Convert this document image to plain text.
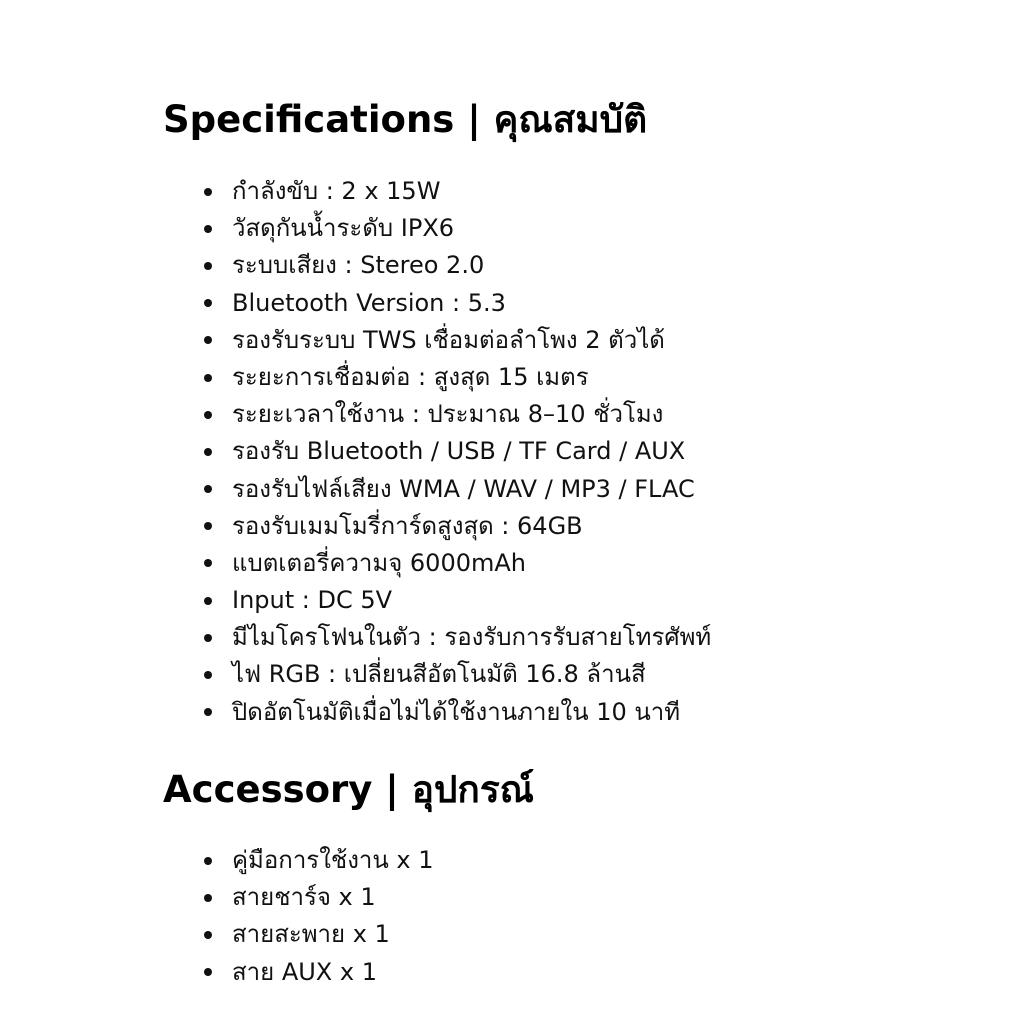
Specifications | คุณสมบัติ
กำลังขับ : 2 x 15W
วัสดุกันน้ำระดับ IPX6
ระบบเสียง : Stereo 2.0
Bluetooth Version : 5.3
รองรับระบบ TWS เชื่อมต่อลำโพง 2 ตัวได้
ระยะการเชื่อมต่อ : สูงสุด 15 เมตร
ระยะเวลาใช้งาน : ประมาณ 8–10 ชั่วโมง
รองรับ Bluetooth / USB / TF Card / AUX
รองรับไฟล์เสียง WMA / WAV / MP3 / FLAC
รองรับเมมโมรี่การ์ดสูงสุด : 64GB
แบตเตอรี่ความจุ 6000mAh
Input : DC 5V
มีไมโครโฟนในตัว : รองรับการรับสายโทรศัพท์
ไฟ RGB : เปลี่ยนสีอัตโนมัติ 16.8 ล้านสี
ปิดอัตโนมัติเมื่อไม่ได้ใช้งานภายใน 10 นาที
Accessory | อุปกรณ์
คู่มือการใช้งาน x 1
สายชาร์จ x 1
สายสะพาย x 1
สาย AUX x 1
